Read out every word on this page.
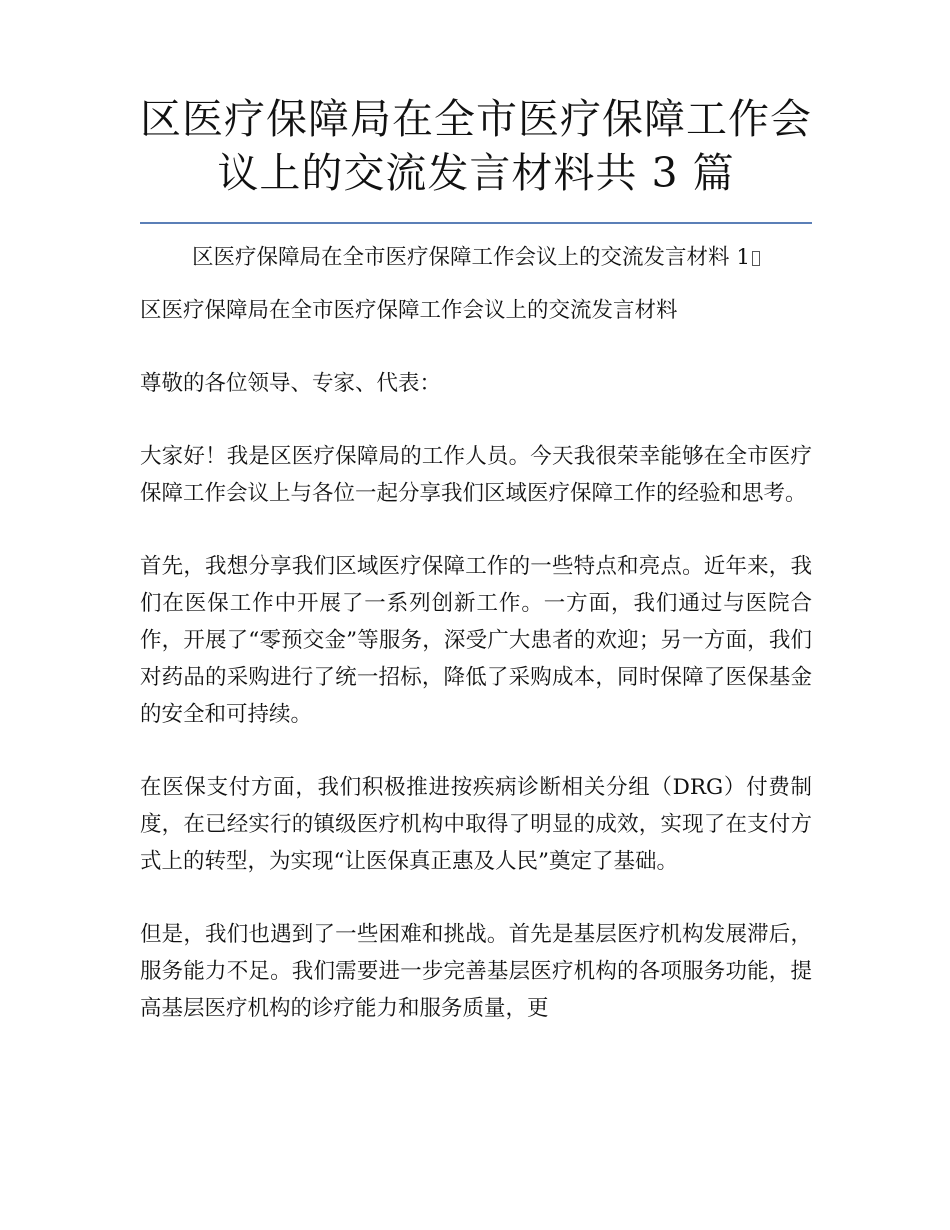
区医疗保障局在全市医疗保障工作会
议上的交流发言材料共 3 篇
区医疗保障局在全市医疗保障工作会议上的交流发言材料 1

区医疗保障局在全市医疗保障工作会议上的交流发言材料

尊敬的各位领导、专家、代表：

大家好！我是区医疗保障局的工作人员。今天我很荣幸能够在全市医疗保障工作会议上与各位一起分享我们区域医疗保障工作的经验和思考。

首先，我想分享我们区域医疗保障工作的一些特点和亮点。近年来，我们在医保工作中开展了一系列创新工作。一方面，我们通过与医院合作，开展了“零预交金”等服务，深受广大患者的欢迎；另一方面，我们对药品的采购进行了统一招标，降低了采购成本，同时保障了医保基金的安全和可持续。

在医保支付方面，我们积极推进按疾病诊断相关分组（DRG）付费制度，在已经实行的镇级医疗机构中取得了明显的成效，实现了在支付方式上的转型，为实现“让医保真正惠及人民”奠定了基础。

但是，我们也遇到了一些困难和挑战。首先是基层医疗机构发展滞后，服务能力不足。我们需要进一步完善基层医疗机构的各项服务功能，提高基层医疗机构的诊疗能力和服务质量，更
